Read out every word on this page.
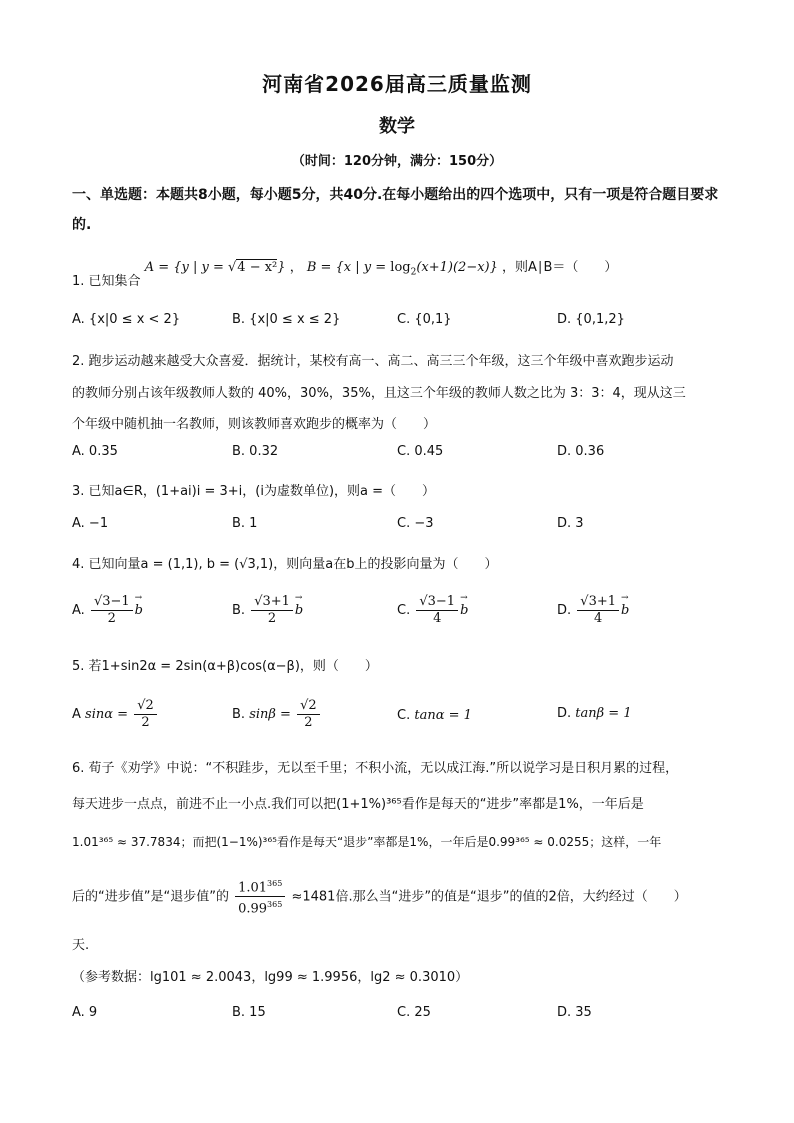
河南省2026届高三质量监测
数学
（时间：120分钟，满分：150分）
一、单选题：本题共8小题，每小题5分，共40分.在每小题给出的四个选项中，只有一项是符合题目要求的.
1. 已知集合 A = {y | y = √4 − x²} ， B = {x | $y = \log_2(x+1)(2-x)$} ，则A∣B＝（　　）
A. {x|0 ≤ x < 2}	B. {x|0 ≤ x ≤ 2}	C. {0,1}	D. {0,1,2}
2. 跑步运动越来越受大众喜爱．据统计，某校有高一、高二、高三三个年级，这三个年级中喜欢跑步运动
的教师分别占该年级教师人数的 40%，30%，35%，且这三个年级的教师人数之比为 3：3：4，现从这三
个年级中随机抽一名教师，则该教师喜欢跑步的概率为（　　）
A. 0.35	B. 0.32	C. 0.45	D. 0.36
3. 已知a∈R，(1+ai)i = 3+i，(i为虚数单位)，则a =（　　）
A. −1	B. 1	C. −3	D. 3
4. 已知向量a = (1,1), b = (√3,1)，则向量a在b上的投影向量为（　　）
A. $\frac{√3-1}{2}$
→ b	B. $\frac{√3+1}{2}$
→ b	C. $\frac{√3-1}{4}$
→ b	D. $\frac{√3+1}{4}$
→ b
5. 若1+sin2α = 2sin(α+β)cos(α−β)，则（　　）
A $\sin\alpha = \frac{√2}{2}$	B. $\sin\beta = \frac{√2}{2}$	C. tanα = 1	D. tanβ = 1
6. 荀子《劝学》中说：“不积跬步，无以至千里；不积小流，无以成江海.”所以说学习是日积月累的过程，
每天进步一点点，前进不止一小点.我们可以把(1+1%)³⁶⁵看作是每天的“进步”率都是1%，一年后是
1.01³⁶⁵ ≈ 37.7834；而把(1−1%)³⁶⁵看作是每天“退步”率都是1%，一年后是0.99³⁶⁵ ≈ 0.0255；这样，一年
后的“进步值”是“退步值”的 $\frac{1.01^{365}}{0.99^{365}} \approx 1481$倍.那么当“进步”的值是“退步”的值的2倍，大约经过（　　）
天.
（参考数据：lg101 ≈ 2.0043，lg99 ≈ 1.9956，lg2 ≈ 0.3010）
A. 9	B. 15	C. 25	D. 35
